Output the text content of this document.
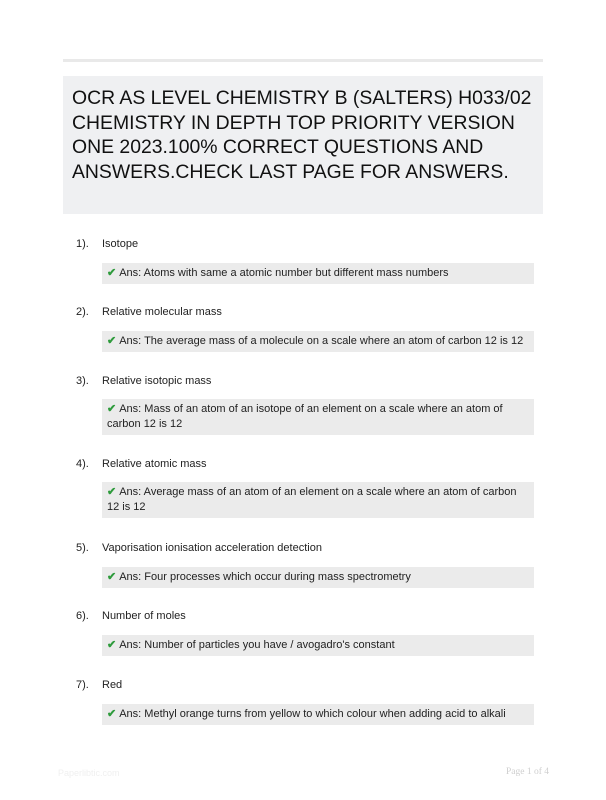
OCR AS LEVEL CHEMISTRY B (SALTERS) H033/02 CHEMISTRY IN DEPTH TOP PRIORITY VERSION ONE 2023.100% CORRECT QUESTIONS AND ANSWERS.CHECK LAST PAGE FOR ANSWERS.
1). Isotope
✔ Ans: Atoms with same a atomic number but different mass numbers
2). Relative molecular mass
✔ Ans: The average mass of a molecule on a scale where an atom of carbon 12 is 12
3). Relative isotopic mass
✔ Ans: Mass of an atom of an isotope of an element on a scale where an atom of carbon 12 is 12
4). Relative atomic mass
✔ Ans: Average mass of an atom of an element on a scale where an atom of carbon 12 is 12
5). Vaporisation ionisation acceleration detection
✔ Ans: Four processes which occur during mass spectrometry
6). Number of moles
✔ Ans: Number of particles you have / avogadro's constant
7). Red
✔ Ans: Methyl orange turns from yellow to which colour when adding acid to alkali
Paperlibtic.com	Page 1 of 4
